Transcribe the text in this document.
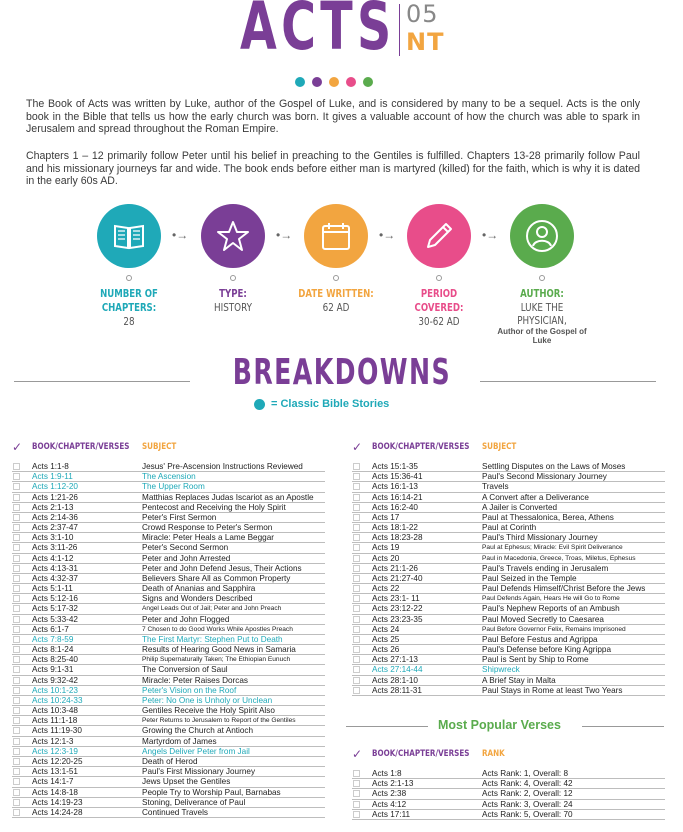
ACTS 05
NT

The Book of Acts was written by Luke, author of the Gospel of Luke, and is considered by many to be a sequel. Acts is the only book in the Bible that tells us how the early church was born. It gives a valuable account of how the church was able to spark in Jerusalem and spread throughout the Roman Empire.

Chapters 1 – 12 primarily follow Peter until his belief in preaching to the Gentiles is fulfilled. Chapters 13-28 primarily follow Paul and his missionary journeys far and wide. The book ends before either man is martyred (killed) for the faith, which is why it is dated in the early 60s AD.

NUMBER OF CHAPTERS:
28
•→
TYPE:
HISTORY
•→
DATE WRITTEN:
62 AD
•→
PERIOD COVERED:
30-62 AD
•→
AUTHOR:
LUKE THE PHYSICIAN,
Author of the Gospel of Luke
BREAKDOWNS
= Classic Bible Stories
✓ BOOK/CHAPTER/VERSES SUBJECT
Acts 1:1-8	Jesus' Pre-Ascension Instructions Reviewed
Acts 1:9-11	The Ascension
Acts 1:12-20	The Upper Room
Acts 1:21-26	Matthias Replaces Judas Iscariot as an Apostle
Acts 2:1-13	Pentecost and Receiving the Holy Spirit
Acts 2:14-36	Peter's First Sermon
Acts 2:37-47	Crowd Response to Peter's Sermon
Acts 3:1-10	Miracle: Peter Heals a Lame Beggar
Acts 3:11-26	Peter's Second Sermon
Acts 4:1-12	Peter and John Arrested
Acts 4:13-31	Peter and John Defend Jesus, Their Actions
Acts 4:32-37	Believers Share All as Common Property
Acts 5:1-11	Death of Ananias and Sapphira
Acts 5:12-16	Signs and Wonders Described
Acts 5:17-32	Angel Leads Out of Jail; Peter and John Preach
Acts 5:33-42	Peter and John Flogged
Acts 6:1-7	7 Chosen to do Good Works While Apostles Preach
Acts 7:8-59	The First Martyr: Stephen Put to Death
Acts 8:1-24	Results of Hearing Good News in Samaria
Acts 8:25-40	Philip Supernaturally Taken; The Ethiopian Eunuch
Acts 9:1-31	The Conversion of Saul
Acts 9:32-42	Miracle: Peter Raises Dorcas
Acts 10:1-23	Peter's Vision on the Roof
Acts 10:24-33	Peter: No One is Unholy or Unclean
Acts 10:3-48	Gentiles Receive the Holy Spirit Also
Acts 11:1-18	Peter Returns to Jerusalem to Report of the Gentiles
Acts 11:19-30	Growing the Church at Antioch
Acts 12:1-3	Martyrdom of James
Acts 12:3-19	Angels Deliver Peter from Jail
Acts 12:20-25	Death of Herod
Acts 13:1-51	Paul's First Missionary Journey
Acts 14:1-7	Jews Upset the Gentiles
Acts 14:8-18	People Try to Worship Paul, Barnabas
Acts 14:19-23	Stoning, Deliverance of Paul
Acts 14:24-28	Continued Travels
✓ BOOK/CHAPTER/VERSES SUBJECT
Acts 15:1-35	Settling Disputes on the Laws of Moses
Acts 15:36-41	Paul's Second Missionary Journey
Acts 16:1-13	Travels
Acts 16:14-21	A Convert after a Deliverance
Acts 16:2-40	A Jailer is Converted
Acts 17	Paul at Thessalonica, Berea, Athens
Acts 18:1-22	Paul at Corinth
Acts 18:23-28	Paul's Third Missionary Journey
Acts 19	Paul at Ephesus; Miracle: Evil Spirit Deliverance
Acts 20	Paul in Macedonia, Greece, Troas, Miletus, Ephesus
Acts 21:1-26	Paul's Travels ending in Jerusalem
Acts 21:27-40	Paul Seized in the Temple
Acts 22	Paul Defends Himself/Christ Before the Jews
Acts 23:1- 11	Paul Defends Again, Hears He will Go to Rome
Acts 23:12-22	Paul's Nephew Reports of an Ambush
Acts 23:23-35	Paul Moved Secretly to Caesarea
Acts 24	Paul Before Governor Felix, Remains Imprisoned
Acts 25	Paul Before Festus and Agrippa
Acts 26	Paul's Defense before King Agrippa
Acts 27:1-13	Paul is Sent by Ship to Rome
Acts 27:14-44	Shipwreck
Acts 28:1-10	A Brief Stay in Malta
Acts 28:11-31	Paul Stays in Rome at least Two Years
Most Popular Verses
✓ BOOK/CHAPTER/VERSES RANK
Acts 1:8	Acts Rank: 1, Overall: 8
Acts 2:1-13	Acts Rank: 4, Overall: 42
Acts 2:38	Acts Rank: 2, Overall: 12
Acts 4:12	Acts Rank: 3, Overall: 24
Acts 17:11	Acts Rank: 5, Overall: 70
